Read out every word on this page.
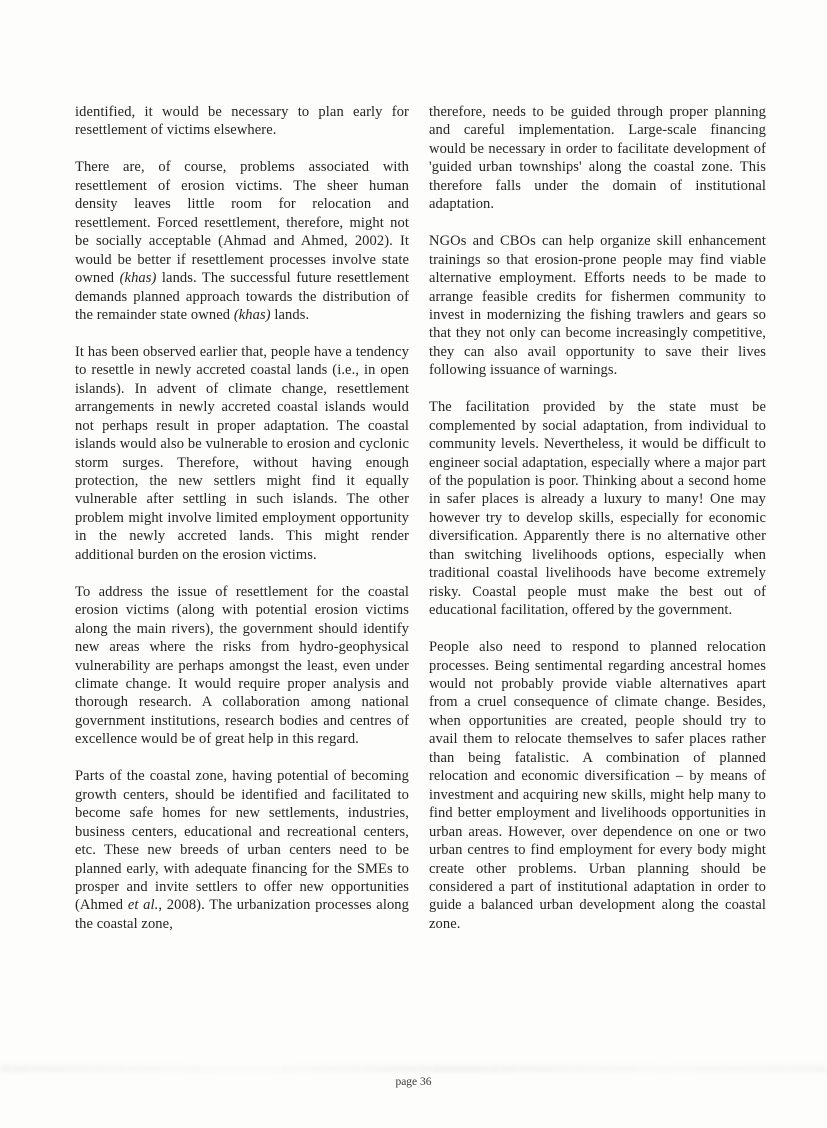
identified, it would be necessary to plan early for resettlement of victims elsewhere.

There are, of course, problems associated with resettlement of erosion victims. The sheer human density leaves little room for relocation and resettlement. Forced resettlement, therefore, might not be socially acceptable (Ahmad and Ahmed, 2002). It would be better if resettlement processes involve state owned (khas) lands. The successful future resettlement demands planned approach towards the distribution of the remainder state owned (khas) lands.

It has been observed earlier that, people have a tendency to resettle in newly accreted coastal lands (i.e., in open islands). In advent of climate change, resettlement arrangements in newly accreted coastal islands would not perhaps result in proper adaptation. The coastal islands would also be vulnerable to erosion and cyclonic storm surges. Therefore, without having enough protection, the new settlers might find it equally vulnerable after settling in such islands. The other problem might involve limited employment opportunity in the newly accreted lands. This might render additional burden on the erosion victims.

To address the issue of resettlement for the coastal erosion victims (along with potential erosion victims along the main rivers), the government should identify new areas where the risks from hydro-geophysical vulnerability are perhaps amongst the least, even under climate change. It would require proper analysis and thorough research. A collaboration among national government institutions, research bodies and centres of excellence would be of great help in this regard.

Parts of the coastal zone, having potential of becoming growth centers, should be identified and facilitated to become safe homes for new settlements, industries, business centers, educational and recreational centers, etc. These new breeds of urban centers need to be planned early, with adequate financing for the SMEs to prosper and invite settlers to offer new opportunities (Ahmed et al., 2008). The urbanization processes along the coastal zone,

therefore, needs to be guided through proper planning and careful implementation. Large-scale financing would be necessary in order to facilitate development of 'guided urban townships' along the coastal zone. This therefore falls under the domain of institutional adaptation.

NGOs and CBOs can help organize skill enhancement trainings so that erosion-prone people may find viable alternative employment. Efforts needs to be made to arrange feasible credits for fishermen community to invest in modernizing the fishing trawlers and gears so that they not only can become increasingly competitive, they can also avail opportunity to save their lives following issuance of warnings.

The facilitation provided by the state must be complemented by social adaptation, from individual to community levels. Nevertheless, it would be difficult to engineer social adaptation, especially where a major part of the population is poor. Thinking about a second home in safer places is already a luxury to many! One may however try to develop skills, especially for economic diversification. Apparently there is no alternative other than switching livelihoods options, especially when traditional coastal livelihoods have become extremely risky. Coastal people must make the best out of educational facilitation, offered by the government.

People also need to respond to planned relocation processes. Being sentimental regarding ancestral homes would not probably provide viable alternatives apart from a cruel consequence of climate change. Besides, when opportunities are created, people should try to avail them to relocate themselves to safer places rather than being fatalistic. A combination of planned relocation and economic diversification – by means of investment and acquiring new skills, might help many to find better employment and livelihoods opportunities in urban areas. However, over dependence on one or two urban centres to find employment for every body might create other problems. Urban planning should be considered a part of institutional adaptation in order to guide a balanced urban development along the coastal zone.

page 36
